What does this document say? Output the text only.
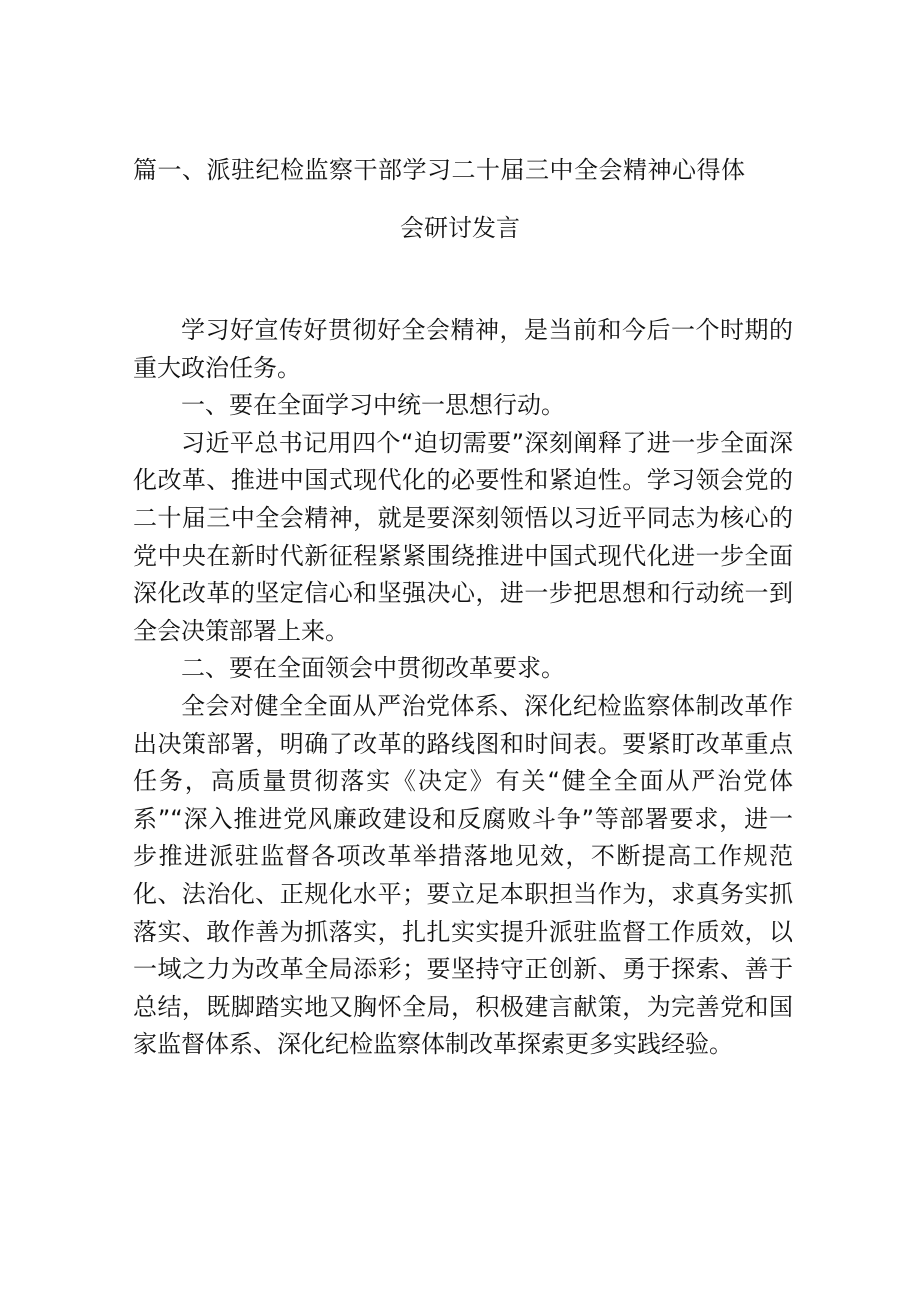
篇一、派驻纪检监察干部学习二十届三中全会精神心得体
会研讨发言

学习好宣传好贯彻好全会精神，是当前和今后一个时期的重大政治任务。

一、要在全面学习中统一思想行动。

习近平总书记用四个“迫切需要”深刻阐释了进一步全面深化改革、推进中国式现代化的必要性和紧迫性。学习领会党的二十届三中全会精神，就是要深刻领悟以习近平同志为核心的党中央在新时代新征程紧紧围绕推进中国式现代化进一步全面深化改革的坚定信心和坚强决心，进一步把思想和行动统一到全会决策部署上来。

二、要在全面领会中贯彻改革要求。

全会对健全全面从严治党体系、深化纪检监察体制改革作出决策部署，明确了改革的路线图和时间表。要紧盯改革重点任务，高质量贯彻落实《决定》有关“健全全面从严治党体系”“深入推进党风廉政建设和反腐败斗争”等部署要求，进一步推进派驻监督各项改革举措落地见效，不断提高工作规范化、法治化、正规化水平；要立足本职担当作为，求真务实抓落实、敢作善为抓落实，扎扎实实提升派驻监督工作质效，以一域之力为改革全局添彩；要坚持守正创新、勇于探索、善于总结，既脚踏实地又胸怀全局，积极建言献策，为完善党和国家监督体系、深化纪检监察体制改革探索更多实践经验。
